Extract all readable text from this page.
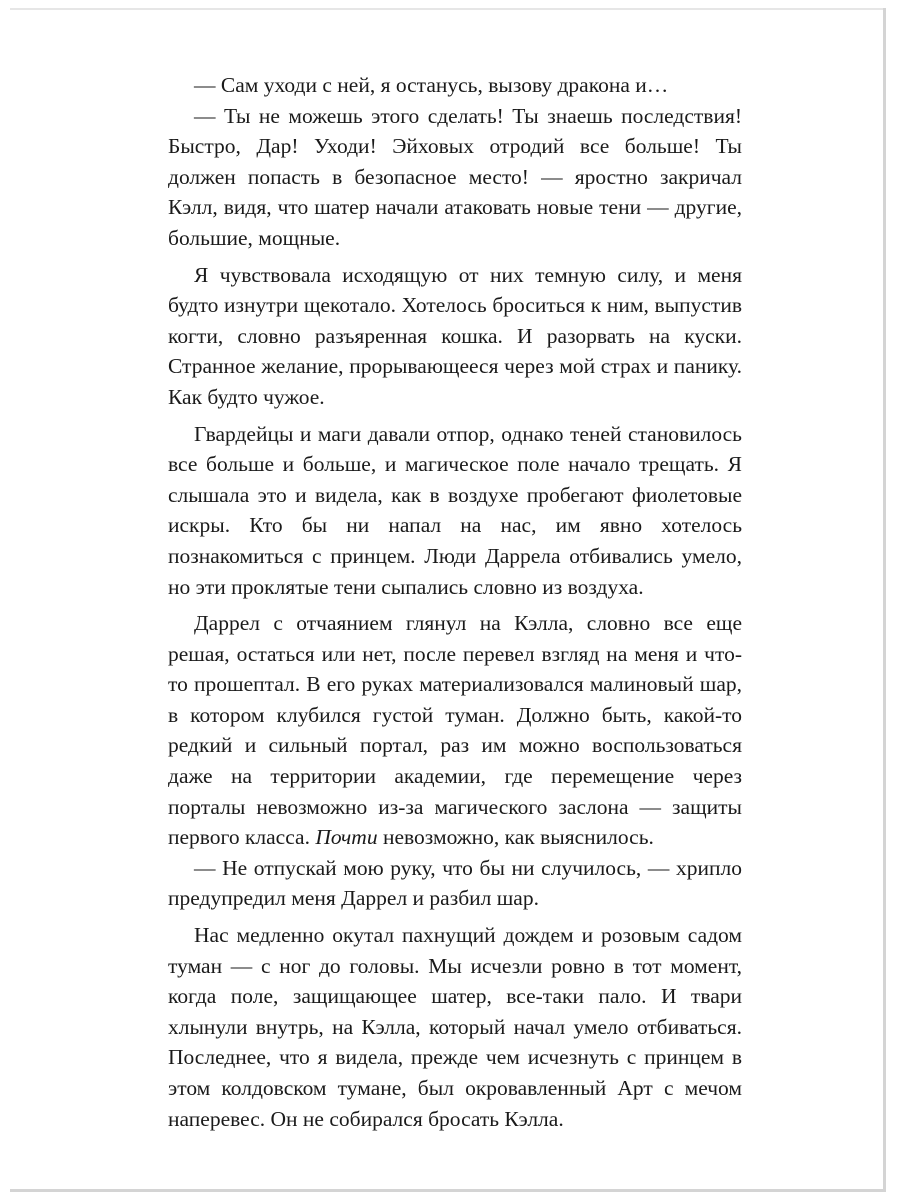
— Сам уходи с ней, я останусь, вызову дракона и…

— Ты не можешь этого сделать! Ты знаешь последствия! Быстро, Дар! Уходи! Эйховых отродий все больше! Ты должен попасть в безопасное место! — яростно закричал Кэлл, видя, что шатер начали атаковать новые тени — другие, большие, мощные.

Я чувствовала исходящую от них темную силу, и меня будто изнутри щекотало. Хотелось броситься к ним, выпустив когти, словно разъяренная кошка. И разорвать на куски. Странное желание, прорывающееся через мой страх и панику. Как будто чужое.

Гвардейцы и маги давали отпор, однако теней становилось все больше и больше, и магическое поле начало трещать. Я слышала это и видела, как в воздухе пробегают фиолетовые искры. Кто бы ни напал на нас, им явно хотелось познакомиться с принцем. Люди Даррела отбивались умело, но эти проклятые тени сыпались словно из воздуха.

Даррел с отчаянием глянул на Кэлла, словно все еще решая, остаться или нет, после перевел взгляд на меня и что-то прошептал. В его руках материализовался малиновый шар, в котором клубился густой туман. Должно быть, какой-то редкий и сильный портал, раз им можно воспользоваться даже на территории академии, где перемещение через порталы невозможно из-за магического заслона — защиты первого класса. Почти невозможно, как выяснилось.

— Не отпускай мою руку, что бы ни случилось, — хрипло предупредил меня Даррел и разбил шар.

Нас медленно окутал пахнущий дождем и розовым садом туман — с ног до головы. Мы исчезли ровно в тот момент, когда поле, защищающее шатер, все-таки пало. И твари хлынули внутрь, на Кэлла, который начал умело отбиваться. Последнее, что я видела, прежде чем исчезнуть с принцем в этом колдовском тумане, был окровавленный Арт с мечом наперевес. Он не собирался бросать Кэлла.
